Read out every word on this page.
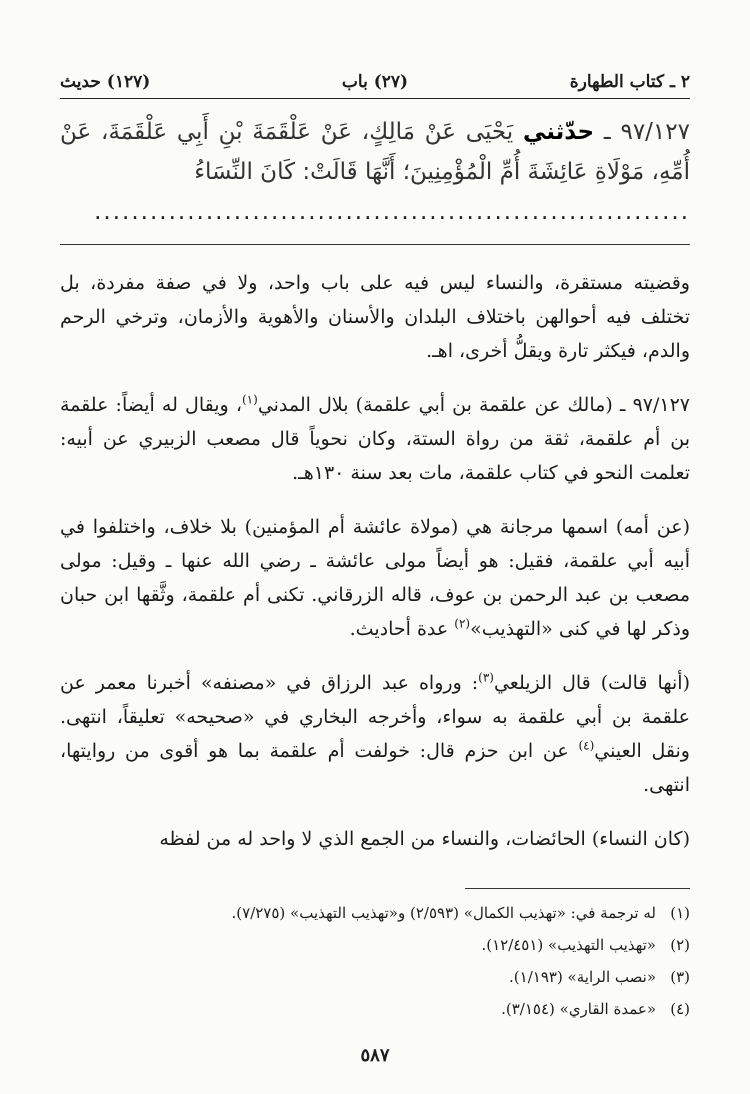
٢ ـ كتاب الطهارة
(٢٧) باب
(١٢٧) حديث
٩٧/١٢٧ ـ حدّثني يَحْيَى عَنْ مَالِكٍ، عَنْ عَلْقَمَةَ بْنِ أَبِي عَلْقَمَةَ، عَنْ أُمِّهِ، مَوْلَاةِ عَائِشَةَ أُمِّ الْمُؤْمِنِينَ؛ أَنَّهَا قَالَتْ: كَانَ النِّسَاءُ
................................................................

وقضيته مستقرة، والنساء ليس فيه على باب واحد، ولا في صفة مفردة، بل تختلف فيه أحوالهن باختلاف البلدان والأسنان والأهوية والأزمان، وترخي الرحم والدم، فيكثر تارة ويقلُّ أخرى، اهـ.

٩٧/١٢٧ ـ (مالك عن علقمة بن أبي علقمة) بلال المدني$^{(١)}$، ويقال له أيضاً: علقمة بن أم علقمة، ثقة من رواة الستة، وكان نحوياً قال مصعب الزبيري عن أبيه: تعلمت النحو في كتاب علقمة، مات بعد سنة ١٣٠هـ.

(عن أمه) اسمها مرجانة هي (مولاة عائشة أم المؤمنين) بلا خلاف، واختلفوا في أبيه أبي علقمة، فقيل: هو أيضاً مولى عائشة ـ رضي الله عنها ـ وقيل: مولى مصعب بن عبد الرحمن بن عوف، قاله الزرقاني. تكنى أم علقمة، وثَّقها ابن حبان وذكر لها في كنى «التهذيب»$^{(٢)}$ عدة أحاديث.

(أنها قالت) قال الزيلعي$^{(٣)}$: ورواه عبد الرزاق في «مصنفه» أخبرنا معمر عن علقمة بن أبي علقمة به سواء، وأخرجه البخاري في «صحيحه» تعليقاً، انتهى. ونقل العيني$^{(٤)}$ عن ابن حزم قال: خولفت أم علقمة بما هو أقوى من روايتها، انتهى.

(كان النساء) الحائضات، والنساء من الجمع الذي لا واحد له من لفظه

(١)له ترجمة في: «تهذيب الكمال» (٢/٥٩٣) و«تهذيب التهذيب» (٧/٢٧٥).
(٢)«تهذيب التهذيب» (١٢/٤٥١).
(٣)«نصب الراية» (١/١٩٣).
(٤)«عمدة القاري» (٣/١٥٤).
٥٨٧
